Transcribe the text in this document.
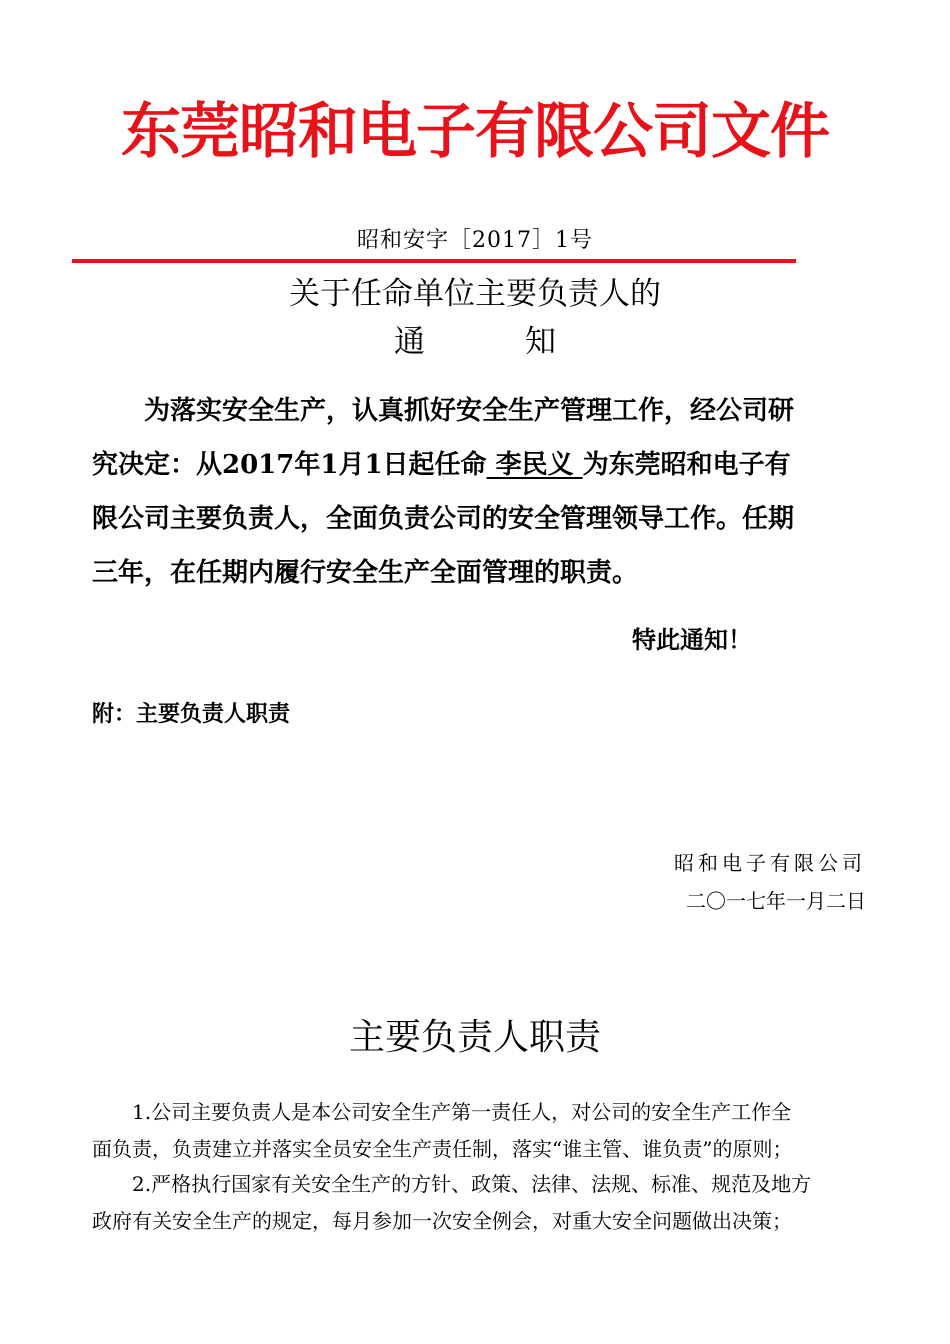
东莞昭和电子有限公司文件
昭和安字［2017］1号
关于任命单位主要负责人的
通	知
为落实安全生产，认真抓好安全生产管理工作，经公司研
究决定：从2017年1月1日起任命 李民义 为东莞昭和电子有
限公司主要负责人，全面负责公司的安全管理领导工作。任期
三年，在任期内履行安全生产全面管理的职责。
特此通知！
附：主要负责人职责
昭和电子有限公司
二〇一七年一月二日
主要负责人职责
1.公司主要负责人是本公司安全生产第一责任人，对公司的安全生产工作全
面负责，负责建立并落实全员安全生产责任制，落实“谁主管、谁负责”的原则；
2.严格执行国家有关安全生产的方针、政策、法律、法规、标准、规范及地方
政府有关安全生产的规定，每月参加一次安全例会，对重大安全问题做出决策；
